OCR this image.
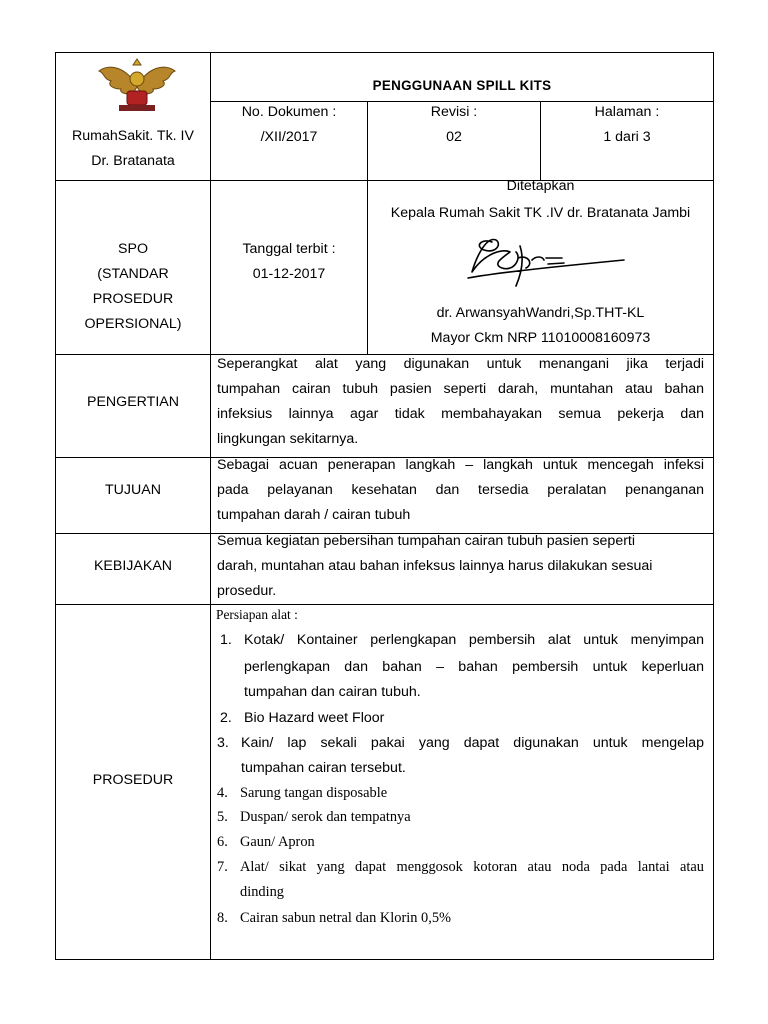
RumahSakit. Tk. IV
Dr. Bratanata
PENGGUNAAN SPILL KITS
No. Dokumen :
/XII/2017
Revisi :
02
Halaman :
1 dari 3
SPO
(STANDAR
PROSEDUR
OPERSIONAL)
Tanggal terbit :
01-12-2017
Ditetapkan
Kepala Rumah Sakit TK .IV dr. Bratanata Jambi
dr. ArwansyahWandri,Sp.THT-KL
Mayor Ckm NRP 11010008160973
PENGERTIAN
Seperangkat alat yang digunakan untuk menangani jika terjadi
tumpahan cairan tubuh pasien seperti darah, muntahan atau bahan
infeksius lainnya agar tidak membahayakan semua pekerja dan
lingkungan sekitarnya.
TUJUAN
Sebagai acuan penerapan langkah – langkah untuk mencegah infeksi
pada pelayanan kesehatan dan tersedia peralatan penanganan
tumpahan darah / cairan tubuh
KEBIJAKAN
Semua kegiatan pebersihan tumpahan cairan tubuh pasien seperti
darah, muntahan atau bahan infeksus lainnya harus dilakukan sesuai
prosedur.
PROSEDUR
Persiapan alat :
1. Kotak/ Kontainer perlengkapan pembersih alat untuk menyimpan
perlengkapan dan bahan – bahan pembersih untuk keperluan
tumpahan dan cairan tubuh.
2. Bio Hazard weet Floor
3. Kain/ lap sekali pakai yang dapat digunakan untuk mengelap
tumpahan cairan tersebut.
4. Sarung tangan disposable
5. Duspan/ serok dan tempatnya
6. Gaun/ Apron
7. Alat/ sikat yang dapat menggosok kotoran atau noda pada lantai atau
dinding
8. Cairan sabun netral dan Klorin 0,5%
